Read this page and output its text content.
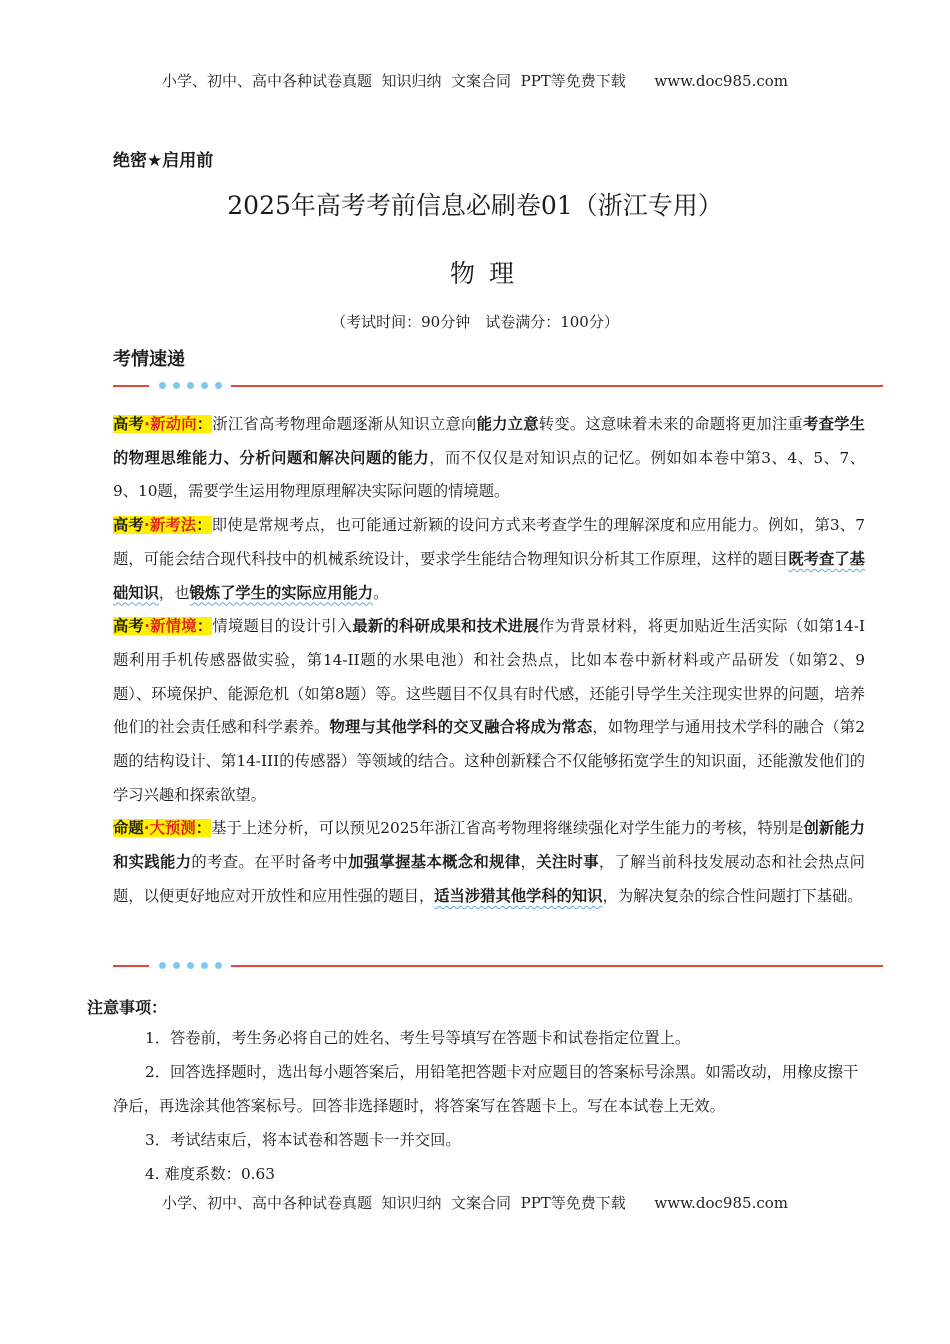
小学、初中、高中各种试卷真题  知识归纳  文案合同  PPT等免费下载      www.doc985.com
绝密★启用前
2025年高考考前信息必刷卷01（浙江专用）
物理
（考试时间：90分钟　试卷满分：100分）
考情速递

高考·新动向：浙江省高考物理命题逐渐从知识立意向能力立意转变。这意味着未来的命题将更加注重考查学生的物理思维能力、分析问题和解决问题的能力，而不仅仅是对知识点的记忆。例如如本卷中第3、4、5、7、9、10题，需要学生运用物理原理解决实际问题的情境题。

高考·新考法：即使是常规考点，也可能通过新颖的设问方式来考查学生的理解深度和应用能力。例如，第3、7题，可能会结合现代科技中的机械系统设计，要求学生能结合物理知识分析其工作原理，这样的题目既考查了基础知识，也锻炼了学生的实际应用能力。

高考·新情境：情境题目的设计引入最新的科研成果和技术进展作为背景材料，将更加贴近生活实际（如第14-I题利用手机传感器做实验，第14-II题的水果电池）和社会热点，比如本卷中新材料或产品研发（如第2、9题）、环境保护、能源危机（如第8题）等。这些题目不仅具有时代感，还能引导学生关注现实世界的问题，培养他们的社会责任感和科学素养。物理与其他学科的交叉融合将成为常态，如物理学与通用技术学科的融合（第2题的结构设计、第14-III的传感器）等领域的结合。这种创新糅合不仅能够拓宽学生的知识面，还能激发他们的学习兴趣和探索欲望。

命题·大预测：基于上述分析，可以预见2025年浙江省高考物理将继续强化对学生能力的考核，特别是创新能力和实践能力的考查。在平时备考中加强掌握基本概念和规律，关注时事，了解当前科技发展动态和社会热点问题，以便更好地应对开放性和应用性强的题目，适当涉猎其他学科的知识，为解决复杂的综合性问题打下基础。

注意事项：

1．答卷前，考生务必将自己的姓名、考生号等填写在答题卡和试卷指定位置上。

2．回答选择题时，选出每小题答案后，用铅笔把答题卡对应题目的答案标号涂黑。如需改动，用橡皮擦干净后，再选涂其他答案标号。回答非选择题时，将答案写在答题卡上。写在本试卷上无效。

3．考试结束后，将本试卷和答题卡一并交回。

4. 难度系数：0.63

小学、初中、高中各种试卷真题  知识归纳  文案合同  PPT等免费下载      www.doc985.com
